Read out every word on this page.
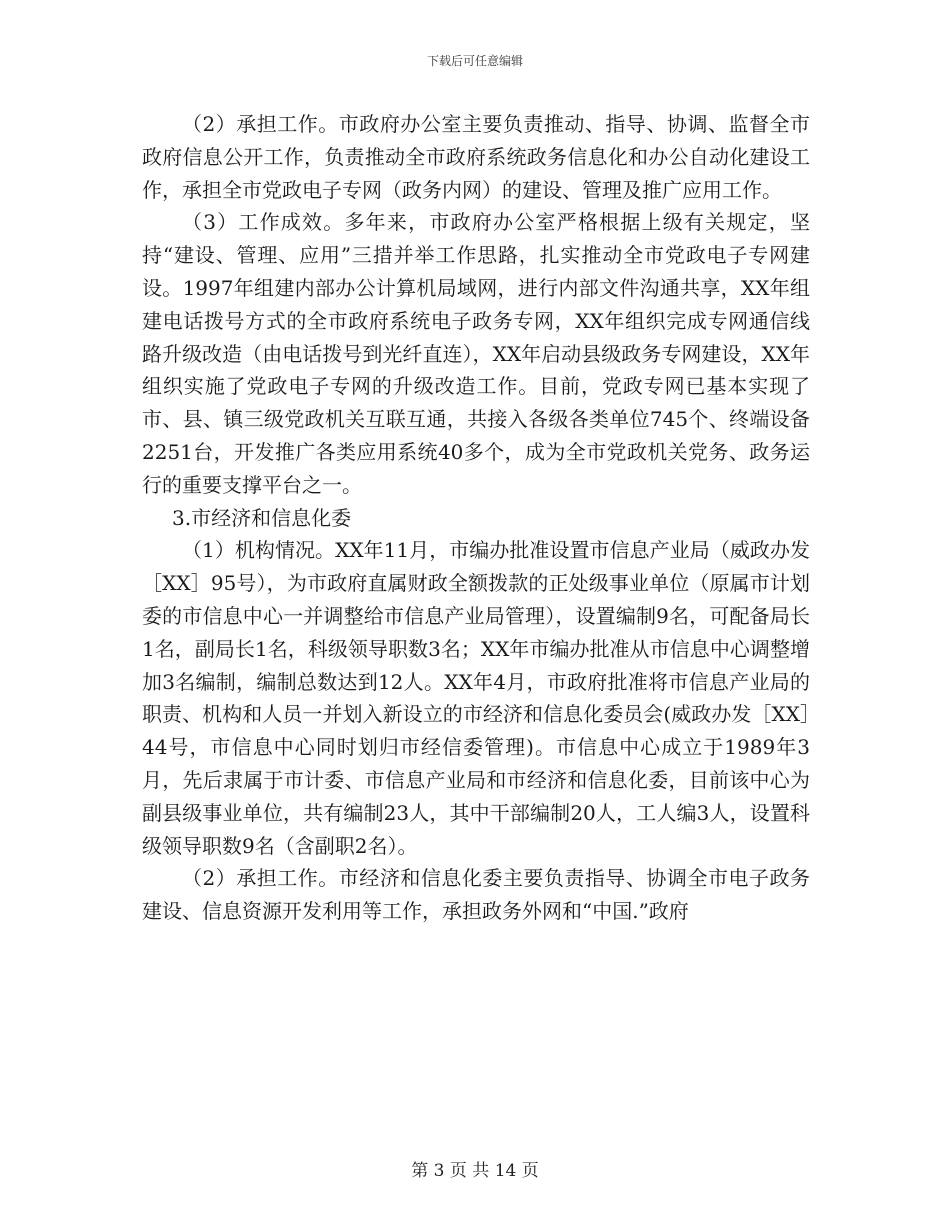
下载后可任意编辑

（2）承担工作。市政府办公室主要负责推动、指导、协调、监督全市政府信息公开工作，负责推动全市政府系统政务信息化和办公自动化建设工作，承担全市党政电子专网（政务内网）的建设、管理及推广应用工作。

（3）工作成效。多年来，市政府办公室严格根据上级有关规定，坚持“建设、管理、应用”三措并举工作思路，扎实推动全市党政电子专网建设。1997年组建内部办公计算机局域网，进行内部文件沟通共享，XX年组建电话拨号方式的全市政府系统电子政务专网，XX年组织完成专网通信线路升级改造（由电话拨号到光纤直连），XX年启动县级政务专网建设，XX年组织实施了党政电子专网的升级改造工作。目前，党政专网已基本实现了市、县、镇三级党政机关互联互通，共接入各级各类单位745个、终端设备2251台，开发推广各类应用系统40多个，成为全市党政机关党务、政务运行的重要支撑平台之一。

3.市经济和信息化委

（1）机构情况。XX年11月，市编办批准设置市信息产业局（威政办发［XX］95号），为市政府直属财政全额拨款的正处级事业单位（原属市计划委的市信息中心一并调整给市信息产业局管理），设置编制9名，可配备局长1名，副局长1名，科级领导职数3名；XX年市编办批准从市信息中心调整增加3名编制，编制总数达到12人。XX年4月，市政府批准将市信息产业局的职责、机构和人员一并划入新设立的市经济和信息化委员会(威政办发［XX］44号，市信息中心同时划归市经信委管理)。市信息中心成立于1989年3月，先后隶属于市计委、市信息产业局和市经济和信息化委，目前该中心为副县级事业单位，共有编制23人，其中干部编制20人，工人编3人，设置科级领导职数9名（含副职2名）。

（2）承担工作。市经济和信息化委主要负责指导、协调全市电子政务建设、信息资源开发利用等工作，承担政务外网和“中国.”政府

第 3 页 共 14 页
